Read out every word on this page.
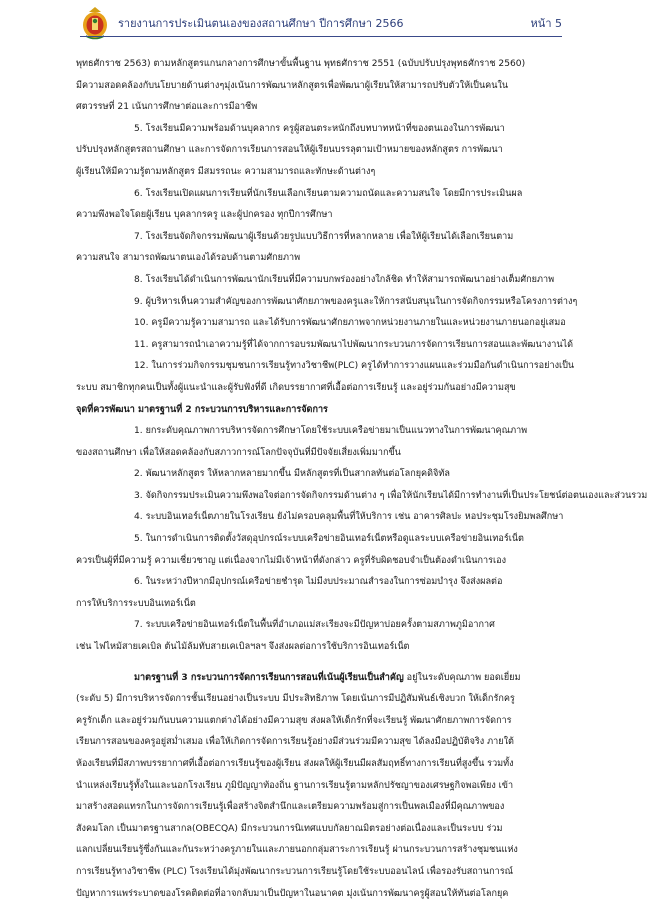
รายงานการประเมินตนเองของสถานศึกษา ปีการศึกษา 2566	หน้า 5
พุทธศักราช 2563) ตามหลักสูตรแกนกลางการศึกษาขั้นพื้นฐาน พุทธศักราช 2551 (ฉบับปรับปรุงพุทธศักราช 2560)
มีความสอดคล้องกับนโยบายด้านต่างๆมุ่งเน้นการพัฒนาหลักสูตรเพื่อพัฒนาผู้เรียนให้สามารถปรับตัวให้เป็นคนใน
ศตวรรษที่ 21 เน้นการศึกษาต่อและการมีอาชีพ
5. โรงเรียนมีความพร้อมด้านบุคลากร ครูผู้สอนตระหนักถึงบทบาทหน้าที่ของตนเองในการพัฒนา
ปรับปรุงหลักสูตรสถานศึกษา และการจัดการเรียนการสอนให้ผู้เรียนบรรลุตามเป้าหมายของหลักสูตร การพัฒนา
ผู้เรียนให้มีความรู้ตามหลักสูตร มีสมรรถนะ ความสามารถและทักษะด้านต่างๆ
6. โรงเรียนเปิดแผนการเรียนที่นักเรียนเลือกเรียนตามความถนัดและความสนใจ โดยมีการประเมินผล
ความพึงพอใจโดยผู้เรียน บุคลากรครู และผู้ปกครอง ทุกปีการศึกษา
7. โรงเรียนจัดกิจกรรมพัฒนาผู้เรียนด้วยรูปแบบวิธีการที่หลากหลาย เพื่อให้ผู้เรียนได้เลือกเรียนตาม
ความสนใจ สามารถพัฒนาตนเองได้รอบด้านตามศักยภาพ
8. โรงเรียนได้ดำเนินการพัฒนานักเรียนที่มีความบกพร่องอย่างใกล้ชิด ทำให้สามารถพัฒนาอย่างเต็มศักยภาพ
9. ผู้บริหารเห็นความสำคัญของการพัฒนาศักยภาพของครูและให้การสนับสนุนในการจัดกิจกรรมหรือโครงการต่างๆ
10. ครูมีความรู้ความสามารถ และได้รับการพัฒนาศักยภาพจากหน่วยงานภายในและหน่วยงานภายนอกอยู่เสมอ
11. ครูสามารถนำเอาความรู้ที่ได้จากการอบรมพัฒนาไปพัฒนากระบวนการจัดการเรียนการสอนและพัฒนางานได้
12. ในการร่วมกิจกรรมชุมชนการเรียนรู้ทางวิชาชีพ(PLC) ครูได้ทำการวางแผนและร่วมมือกันดำเนินการอย่างเป็น
ระบบ สมาชิกทุกคนเป็นทั้งผู้แนะนำและผู้รับฟังที่ดี เกิดบรรยากาศที่เอื้อต่อการเรียนรู้ และอยู่ร่วมกันอย่างมีความสุข
จุดที่ควรพัฒนา มาตรฐานที่ 2 กระบวนการบริหารและการจัดการ
1. ยกระดับคุณภาพการบริหารจัดการศึกษาโดยใช้ระบบเครือข่ายมาเป็นแนวทางในการพัฒนาคุณภาพ
ของสถานศึกษา เพื่อให้สอดคล้องกับสภาวการณ์โลกปัจจุบันที่มีปัจจัยเสี่ยงเพิ่มมากขึ้น
2. พัฒนาหลักสูตร ให้หลากหลายมากขึ้น มีหลักสูตรที่เป็นสากลทันต่อโลกยุคดิจิทัล
3. จัดกิจกรรมประเมินความพึงพอใจต่อการจัดกิจกรรมด้านต่าง ๆ เพื่อให้นักเรียนได้มีการทำงานที่เป็นประโยชน์ต่อตนเองและส่วนรวม
4. ระบบอินเทอร์เน็ตภายในโรงเรียน ยังไม่ครอบคลุมพื้นที่ให้บริการ เช่น อาคารศิลปะ หอประชุมโรงยิมพลศึกษา
5. ในการดำเนินการติดตั้งวัสดุอุปกรณ์ระบบเครือข่ายอินเทอร์เน็ตหรือดูแลระบบเครือข่ายอินเทอร์เน็ต
ควรเป็นผู้ที่มีความรู้ ความเชี่ยวชาญ แต่เนื่องจากไม่มีเจ้าหน้าที่ดังกล่าว ครูที่รับผิดชอบจำเป็นต้องดำเนินการเอง
6. ในระหว่างปีหากมีอุปกรณ์เครือข่ายชำรุด ไม่มีงบประมาณสำรองในการซ่อมบำรุง จึงส่งผลต่อ
การให้บริการระบบอินเทอร์เน็ต
7. ระบบเครือข่ายอินเทอร์เน็ตในพื้นที่อำเภอแม่สะเรียงจะมีปัญหาบ่อยครั้งตามสภาพภูมิอากาศ
เช่น ไฟไหม้สายเคเบิล ต้นไม้ล้มทับสายเคเบิลฯลฯ จึงส่งผลต่อการใช้บริการอินเทอร์เน็ต
มาตรฐานที่ 3 กระบวนการจัดการเรียนการสอนที่เน้นผู้เรียนเป็นสำคัญ อยู่ในระดับคุณภาพ ยอดเยี่ยม
(ระดับ 5) มีการบริหารจัดการชั้นเรียนอย่างเป็นระบบ มีประสิทธิภาพ โดยเน้นการมีปฏิสัมพันธ์เชิงบวก ให้เด็กรักครู
ครูรักเด็ก และอยู่ร่วมกันบนความแตกต่างได้อย่างมีความสุข ส่งผลให้เด็กรักที่จะเรียนรู้ พัฒนาศักยภาพการจัดการ
เรียนการสอนของครูอยู่สม่ำเสมอ เพื่อให้เกิดการจัดการเรียนรู้อย่างมีส่วนร่วมมีความสุข ได้ลงมือปฏิบัติจริง ภายใต้
ห้องเรียนที่มีสภาพบรรยากาศที่เอื้อต่อการเรียนรู้ของผู้เรียน ส่งผลให้ผู้เรียนมีผลสัมฤทธิ์ทางการเรียนที่สูงขึ้น รวมทั้ง
นำแหล่งเรียนรู้ทั้งในและนอกโรงเรียน ภูมิปัญญาท้องถิ่น ฐานการเรียนรู้ตามหลักปรัชญาของเศรษฐกิจพอเพียง เข้า
มาสร้างสอดแทรกในการจัดการเรียนรู้เพื่อสร้างจิตสำนึกและเตรียมความพร้อมสู่การเป็นพลเมืองที่มีคุณภาพของ
สังคมโลก เป็นมาตรฐานสากล(OBECQA) มีกระบวนการนิเทศแบบกัลยาณมิตรอย่างต่อเนื่องและเป็นระบบ ร่วม
แลกเปลี่ยนเรียนรู้ซึ่งกันและกันระหว่างครูภายในและภายนอกกลุ่มสาระการเรียนรู้ ผ่านกระบวนการสร้างชุมชนแห่ง
การเรียนรู้ทางวิชาชีพ (PLC) โรงเรียนได้มุ่งพัฒนากระบวนการเรียนรู้โดยใช้ระบบออนไลน์ เพื่อรองรับสถานการณ์
ปัญหาการแพร่ระบาดของโรคติดต่อที่อาจกลับมาเป็นปัญหาในอนาคต มุ่งเน้นการพัฒนาครูผู้สอนให้ทันต่อโลกยุค
